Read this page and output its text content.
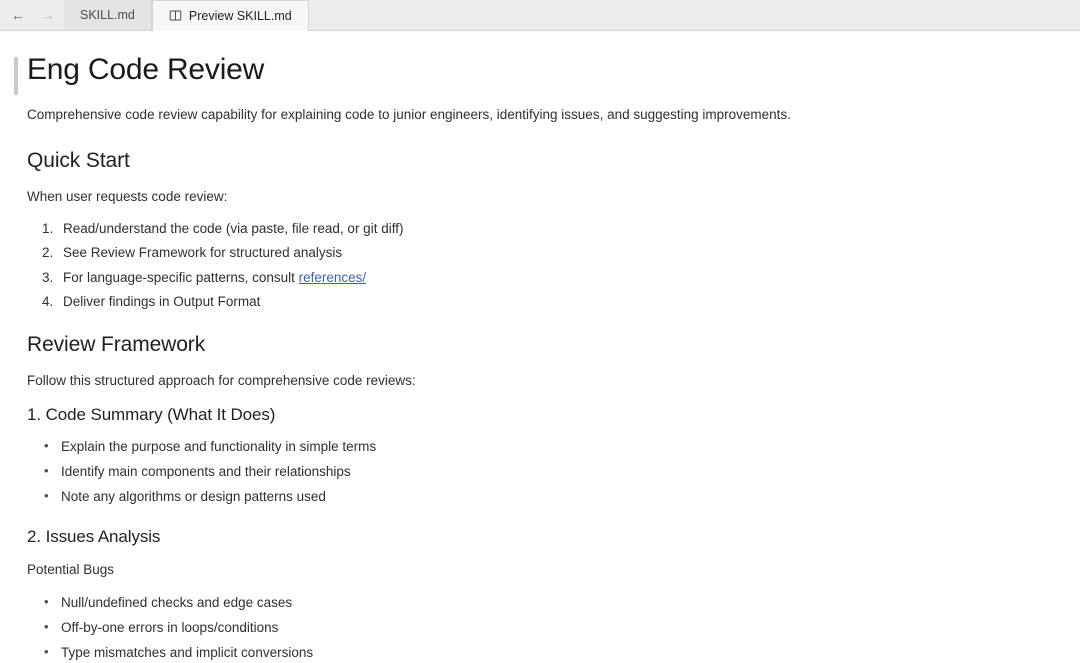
← → SKILL.md	Preview SKILL.md
Eng Code Review

Comprehensive code review capability for explaining code to junior engineers, identifying issues, and suggesting improvements.

Quick Start

When user requests code review:

1. Read/understand the code (via paste, file read, or git diff)
2. See Review Framework for structured analysis
3. For language-specific patterns, consult references/
4. Deliver findings in Output Format
Review Framework

Follow this structured approach for comprehensive code reviews:

1. Code Summary (What It Does)
• Explain the purpose and functionality in simple terms
• Identify main components and their relationships
• Note any algorithms or design patterns used
2. Issues Analysis

Potential Bugs

• Null/undefined checks and edge cases
• Off-by-one errors in loops/conditions
• Type mismatches and implicit conversions
